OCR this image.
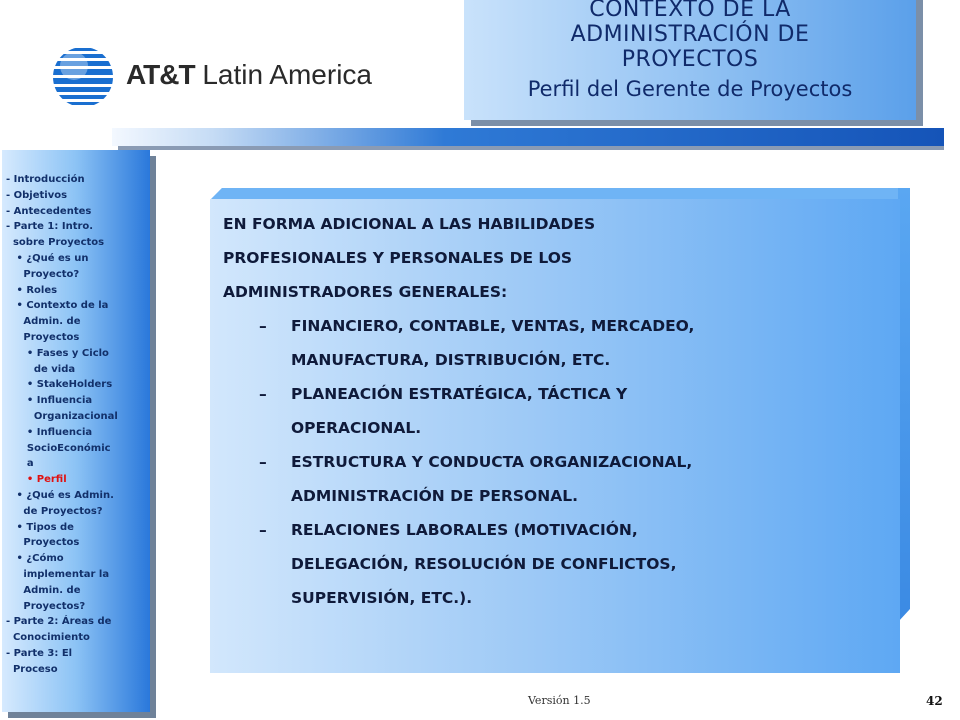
AT&T Latin America
CONTEXTO DE LA
ADMINISTRACIÓN DE
PROYECTOS
Perfil del Gerente de Proyectos
- Introducción
- Objetivos
- Antecedentes
- Parte 1: Intro.
sobre Proyectos
• ¿Qué es un
Proyecto?
• Roles
• Contexto de la
Admin. de
Proyectos
• Fases y Ciclo
de vida
• StakeHolders
• Influencia
Organizacional
• Influencia
SocioEconómic
a
• Perfil
• ¿Qué es Admin.
de Proyectos?
• Tipos de
Proyectos
• ¿Cómo
implementar la
Admin. de
Proyectos?
- Parte 2: Áreas de
Conocimiento
- Parte 3: El
Proceso
EN FORMA ADICIONAL A LAS HABILIDADES
PROFESIONALES Y PERSONALES DE LOS
ADMINISTRADORES GENERALES:
– FINANCIERO, CONTABLE, VENTAS, MERCADEO,
MANUFACTURA, DISTRIBUCIÓN, ETC.
– PLANEACIÓN ESTRATÉGICA, TÁCTICA Y
OPERACIONAL.
– ESTRUCTURA Y CONDUCTA ORGANIZACIONAL,
ADMINISTRACIÓN DE PERSONAL.
– RELACIONES LABORALES (MOTIVACIÓN,
DELEGACIÓN, RESOLUCIÓN DE CONFLICTOS,
SUPERVISIÓN, ETC.).
Versión 1.5	42
